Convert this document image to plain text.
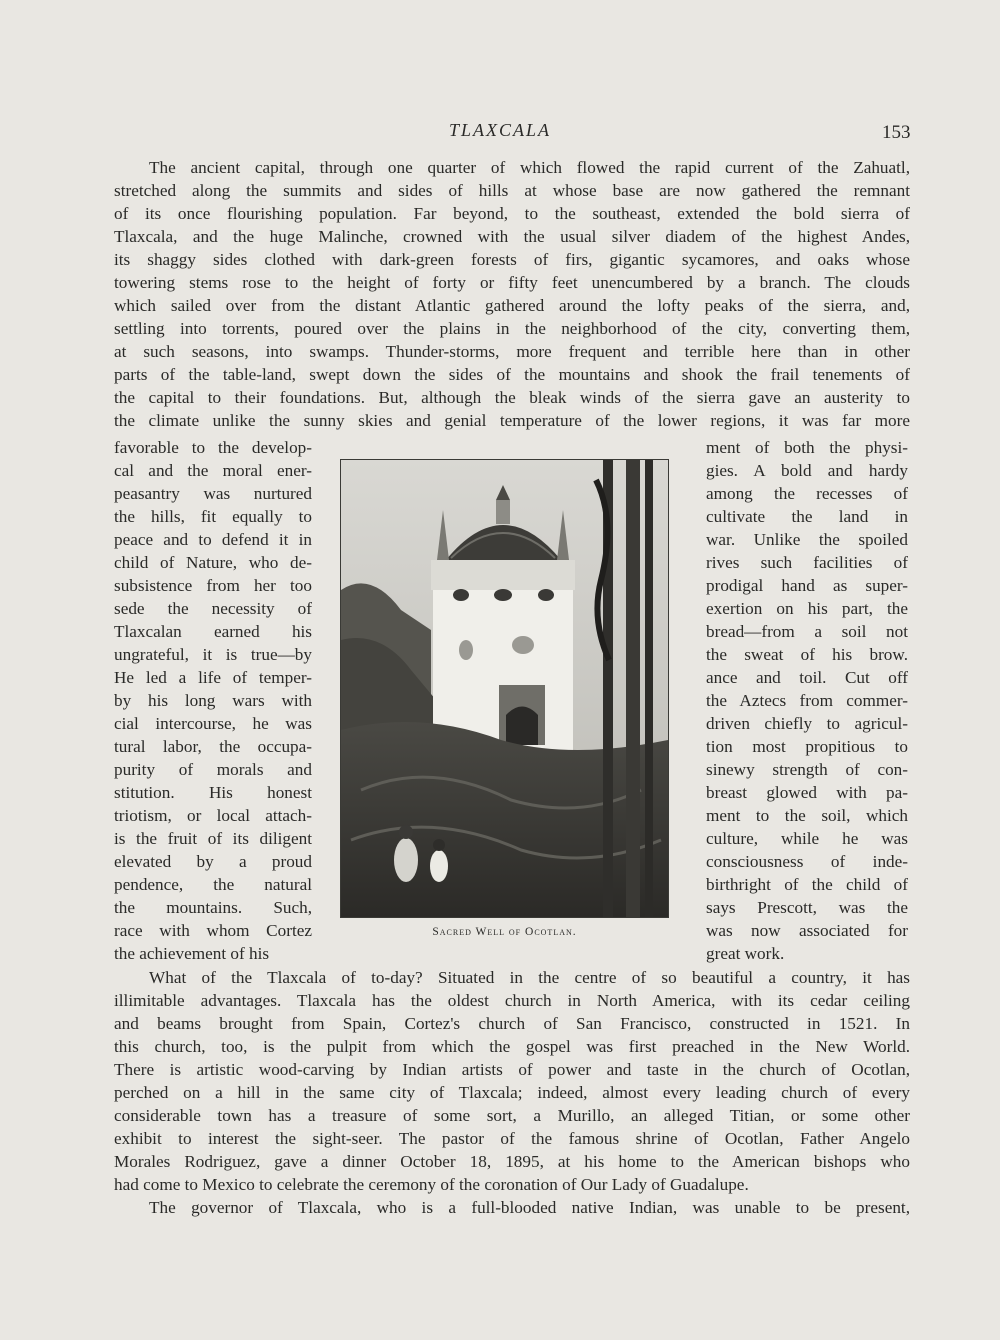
TLAXCALA	153
The ancient capital, through one quarter of which flowed the rapid current of the Zahuatl,
stretched along the summits and sides of hills at whose base are now gathered the remnant
of its once flourishing population. Far beyond, to the southeast, extended the bold sierra of
Tlaxcala, and the huge Malinche, crowned with the usual silver diadem of the highest Andes,
its shaggy sides clothed with dark-green forests of firs, gigantic sycamores, and oaks whose
towering stems rose to the height of forty or fifty feet unencumbered by a branch. The clouds
which sailed over from the distant Atlantic gathered around the lofty peaks of the sierra, and,
settling into torrents, poured over the plains in the neighborhood of the city, converting them,
at such seasons, into swamps. Thunder-storms, more frequent and terrible here than in other
parts of the table-land, swept down the sides of the mountains and shook the frail tenements of
the capital to their foundations. But, although the bleak winds of the sierra gave an austerity to
the climate unlike the sunny skies and genial temperature of the lower regions, it was far more
favorable to the develop-
cal and the moral ener-
peasantry was nurtured
the hills, fit equally to
peace and to defend it in
child of Nature, who de-
subsistence from her too
sede the necessity of
Tlaxcalan earned his
ungrateful, it is true—by
He led a life of temper-
by his long wars with
cial intercourse, he was
tural labor, the occupa-
purity of morals and
stitution. His honest
triotism, or local attach-
is the fruit of its diligent
elevated by a proud
pendence, the natural
the mountains. Such,
race with whom Cortez
the achievement of his
Sacred Well of Ocotlan.
ment of both the physi-
gies. A bold and hardy
among the recesses of
cultivate the land in
war. Unlike the spoiled
rives such facilities of
prodigal hand as super-
exertion on his part, the
bread—from a soil not
the sweat of his brow.
ance and toil. Cut off
the Aztecs from commer-
driven chiefly to agricul-
tion most propitious to
sinewy strength of con-
breast glowed with pa-
ment to the soil, which
culture, while he was
consciousness of inde-
birthright of the child of
says Prescott, was the
was now associated for
great work.
What of the Tlaxcala of to-day? Situated in the centre of so beautiful a country, it has
illimitable advantages. Tlaxcala has the oldest church in North America, with its cedar ceiling
and beams brought from Spain, Cortez's church of San Francisco, constructed in 1521. In
this church, too, is the pulpit from which the gospel was first preached in the New World.
There is artistic wood-carving by Indian artists of power and taste in the church of Ocotlan,
perched on a hill in the same city of Tlaxcala; indeed, almost every leading church of every
considerable town has a treasure of some sort, a Murillo, an alleged Titian, or some other
exhibit to interest the sight-seer. The pastor of the famous shrine of Ocotlan, Father Angelo
Morales Rodriguez, gave a dinner October 18, 1895, at his home to the American bishops who
had come to Mexico to celebrate the ceremony of the coronation of Our Lady of Guadalupe.
The governor of Tlaxcala, who is a full-blooded native Indian, was unable to be present,
